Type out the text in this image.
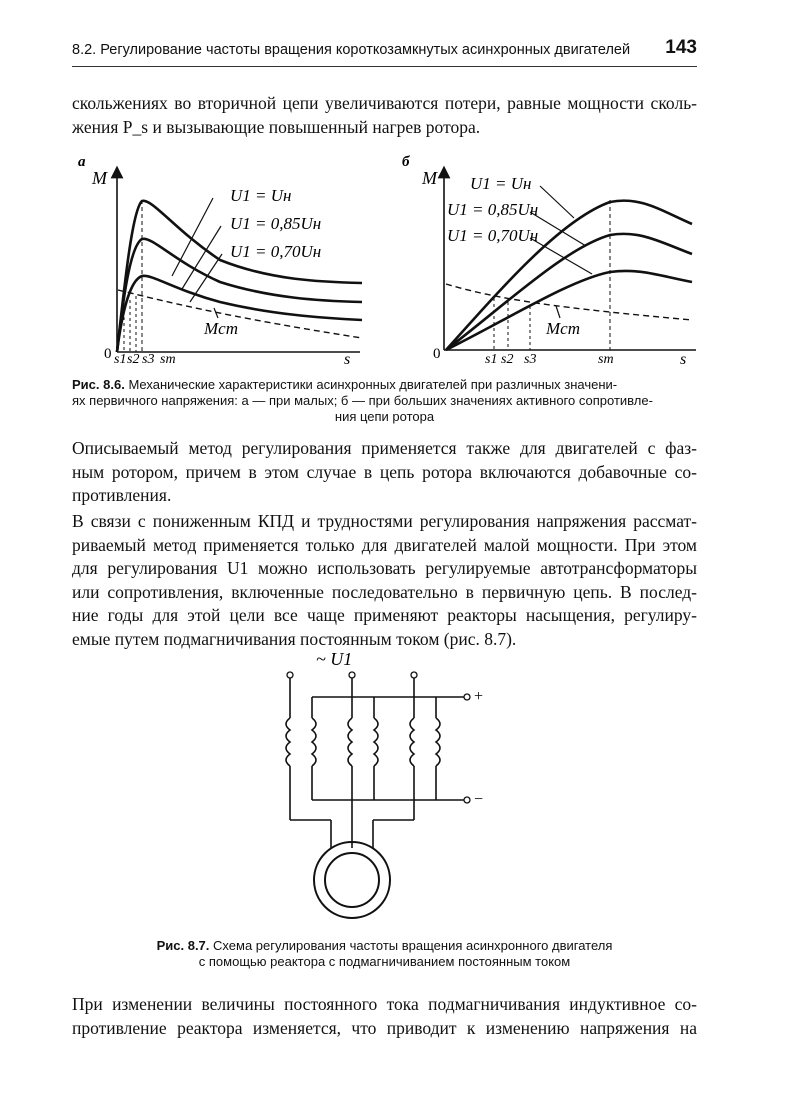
8.2. Регулирование частоты вращения короткозамкнутых асинхронных двигателей 143
скольжениях во вторичной цепи увеличиваются потери, равные мощности сколь-
жения P_s и вызывающие повышенный нагрев ротора.
а
M
0	s
U1 = Uн
U1 = 0,85Uн
U1 = 0,70Uн
Mст
s1 s2 s3 sm
б
M
0	s
U1 = Uн
U1 = 0,85Uн
U1 = 0,70Uн
Mст
s1 s2 s3	sm
Рис. 8.6. Механические характеристики асинхронных двигателей при различных значени-
ях первичного напряжения: а — при малых; б — при больших значениях активного сопротивле-
ния цепи ротора
Описываемый метод регулирования применяется также для двигателей с фаз-
ным ротором, причем в этом случае в цепь ротора включаются добавочные со-
противления.
В связи с пониженным КПД и трудностями регулирования напряжения рассмат-
риваемый метод применяется только для двигателей малой мощности. При этом
для регулирования U1 можно использовать регулируемые автотрансформаторы
или сопротивления, включенные последовательно в первичную цепь. В послед-
ние годы для этой цели все чаще применяют реакторы насыщения, регулиру-
емые путем подмагничивания постоянным током (рис. 8.7).
~ U1
+
−
Рис. 8.7. Схема регулирования частоты вращения асинхронного двигателя
с помощью реактора с подмагничиванием постоянным током
При изменении величины постоянного тока подмагничивания индуктивное со-
противление реактора изменяется, что приводит к изменению напряжения на
